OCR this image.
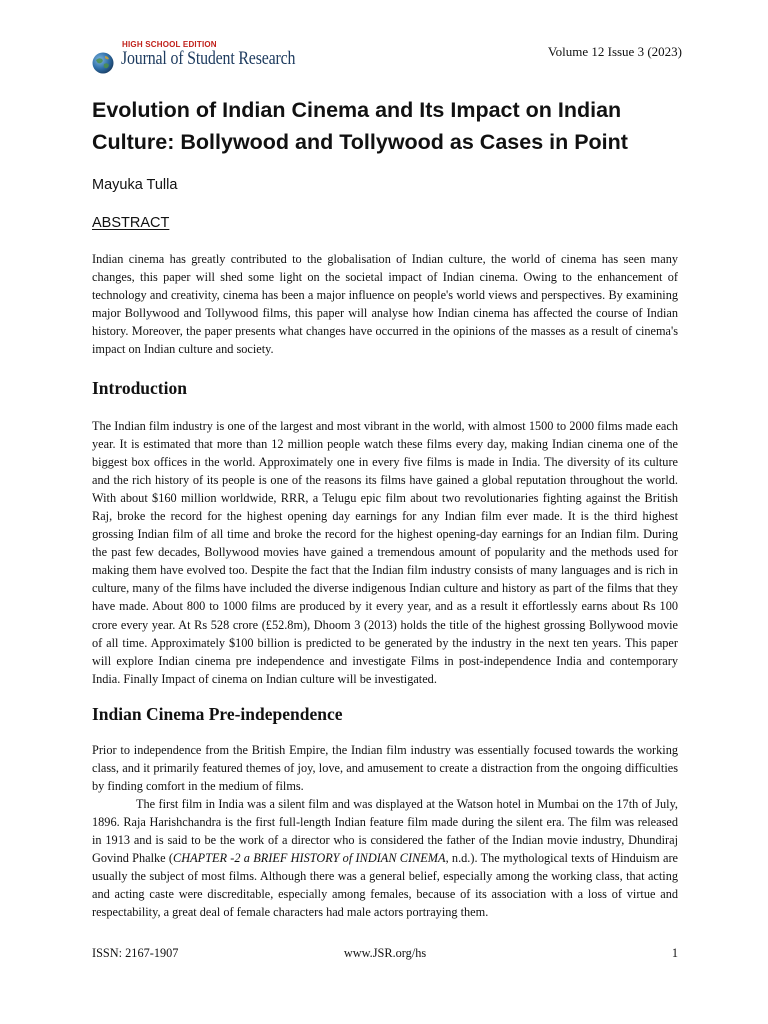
HIGH SCHOOL EDITION
Journal of Student Research	Volume 12 Issue 3 (2023)
Evolution of Indian Cinema and Its Impact on Indian Culture: Bollywood and Tollywood as Cases in Point

Mayuka Tulla

ABSTRACT

Indian cinema has greatly contributed to the globalisation of Indian culture, the world of cinema has seen many changes, this paper will shed some light on the societal impact of Indian cinema. Owing to the enhancement of technology and creativity, cinema has been a major influence on people's world views and perspectives. By examining major Bollywood and Tollywood films, this paper will analyse how Indian cinema has affected the course of Indian history. Moreover, the paper presents what changes have occurred in the opinions of the masses as a result of cinema's impact on Indian culture and society.

Introduction

The Indian film industry is one of the largest and most vibrant in the world, with almost 1500 to 2000 films made each year. It is estimated that more than 12 million people watch these films every day, making Indian cinema one of the biggest box offices in the world. Approximately one in every five films is made in India. The diversity of its culture and the rich history of its people is one of the reasons its films have gained a global reputation throughout the world. With about $160 million worldwide, RRR, a Telugu epic film about two revolutionaries fighting against the British Raj, broke the record for the highest opening day earnings for any Indian film ever made. It is the third highest grossing Indian film of all time and broke the record for the highest opening-day earnings for an Indian film. During the past few decades, Bollywood movies have gained a tremendous amount of popularity and the methods used for making them have evolved too. Despite the fact that the Indian film industry consists of many languages and is rich in culture, many of the films have included the diverse indigenous Indian culture and history as part of the films that they have made. About 800 to 1000 films are produced by it every year, and as a result it effortlessly earns about Rs 100 crore every year. At Rs 528 crore (£52.8m), Dhoom 3 (2013) holds the title of the highest grossing Bollywood movie of all time. Approximately $100 billion is predicted to be generated by the industry in the next ten years. This paper will explore Indian cinema pre independence and investigate Films in post-independence India and contemporary India. Finally Impact of cinema on Indian culture will be investigated.

Indian Cinema Pre-independence
Prior to independence from the British Empire, the Indian film industry was essentially focused towards the working class, and it primarily featured themes of joy, love, and amusement to create a distraction from the ongoing difficulties by finding comfort in the medium of films.
The first film in India was a silent film and was displayed at the Watson hotel in Mumbai on the 17th of July, 1896. Raja Harishchandra is the first full-length Indian feature film made during the silent era. The film was released in 1913 and is said to be the work of a director who is considered the father of the Indian movie industry, Dhundiraj Govind Phalke (CHAPTER -2 a BRIEF HISTORY of INDIAN CINEMA, n.d.). The mythological texts of Hinduism are usually the subject of most films. Although there was a general belief, especially among the working class, that acting and acting caste were discreditable, especially among females, because of its association with a loss of virtue and respectability, a great deal of female characters had male actors portraying them.
ISSN: 2167-1907	www.JSR.org/hs	1
